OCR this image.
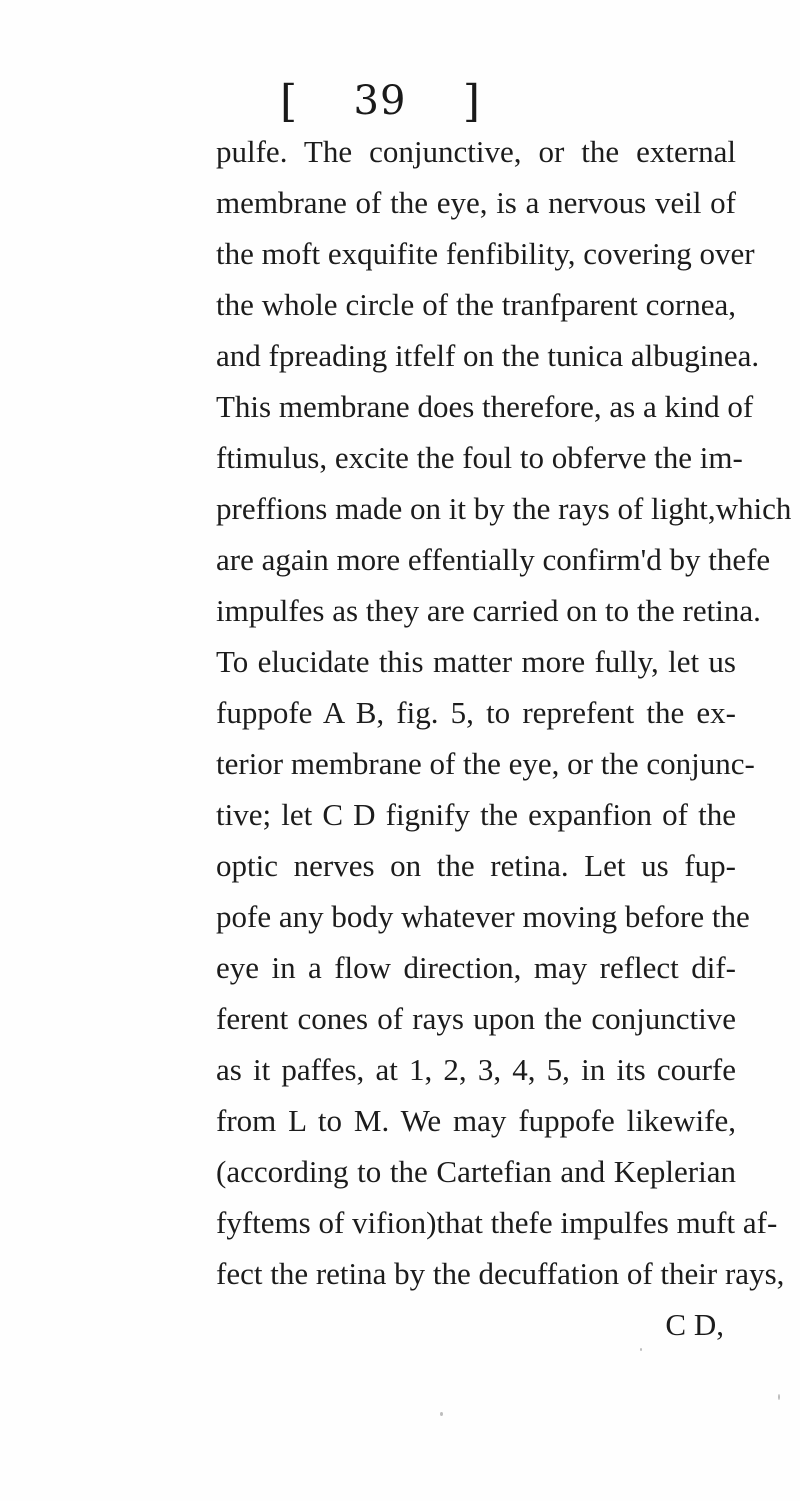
[ 39 ]
pulfe. The conjunctive, or the external
membrane of the eye, is a nervous veil of
the moft exquifite fenfibility, covering over
the whole circle of the tranfparent cornea,
and fpreading itfelf on the tunica albuginea.
This membrane does therefore, as a kind of
ftimulus, excite the foul to obferve the im-
preffions made on it by the rays of light,which
are again more effentially confirm'd by thefe
impulfes as they are carried on to the retina.
To elucidate this matter more fully, let us
fuppofe A B, fig. 5, to reprefent the ex-
terior membrane of the eye, or the conjunc-
tive; let C D fignify the expanfion of the
optic nerves on the retina. Let us fup-
pofe any body whatever moving before the
eye in a flow direction, may reflect dif-
ferent cones of rays upon the conjunctive
as it paffes, at 1, 2, 3, 4, 5, in its courfe
from L to M. We may fuppofe likewife,
(according to the Cartefian and Keplerian
fyftems of vifion)that thefe impulfes muft af-
fect the retina by the decuffation of their rays,
C D,
